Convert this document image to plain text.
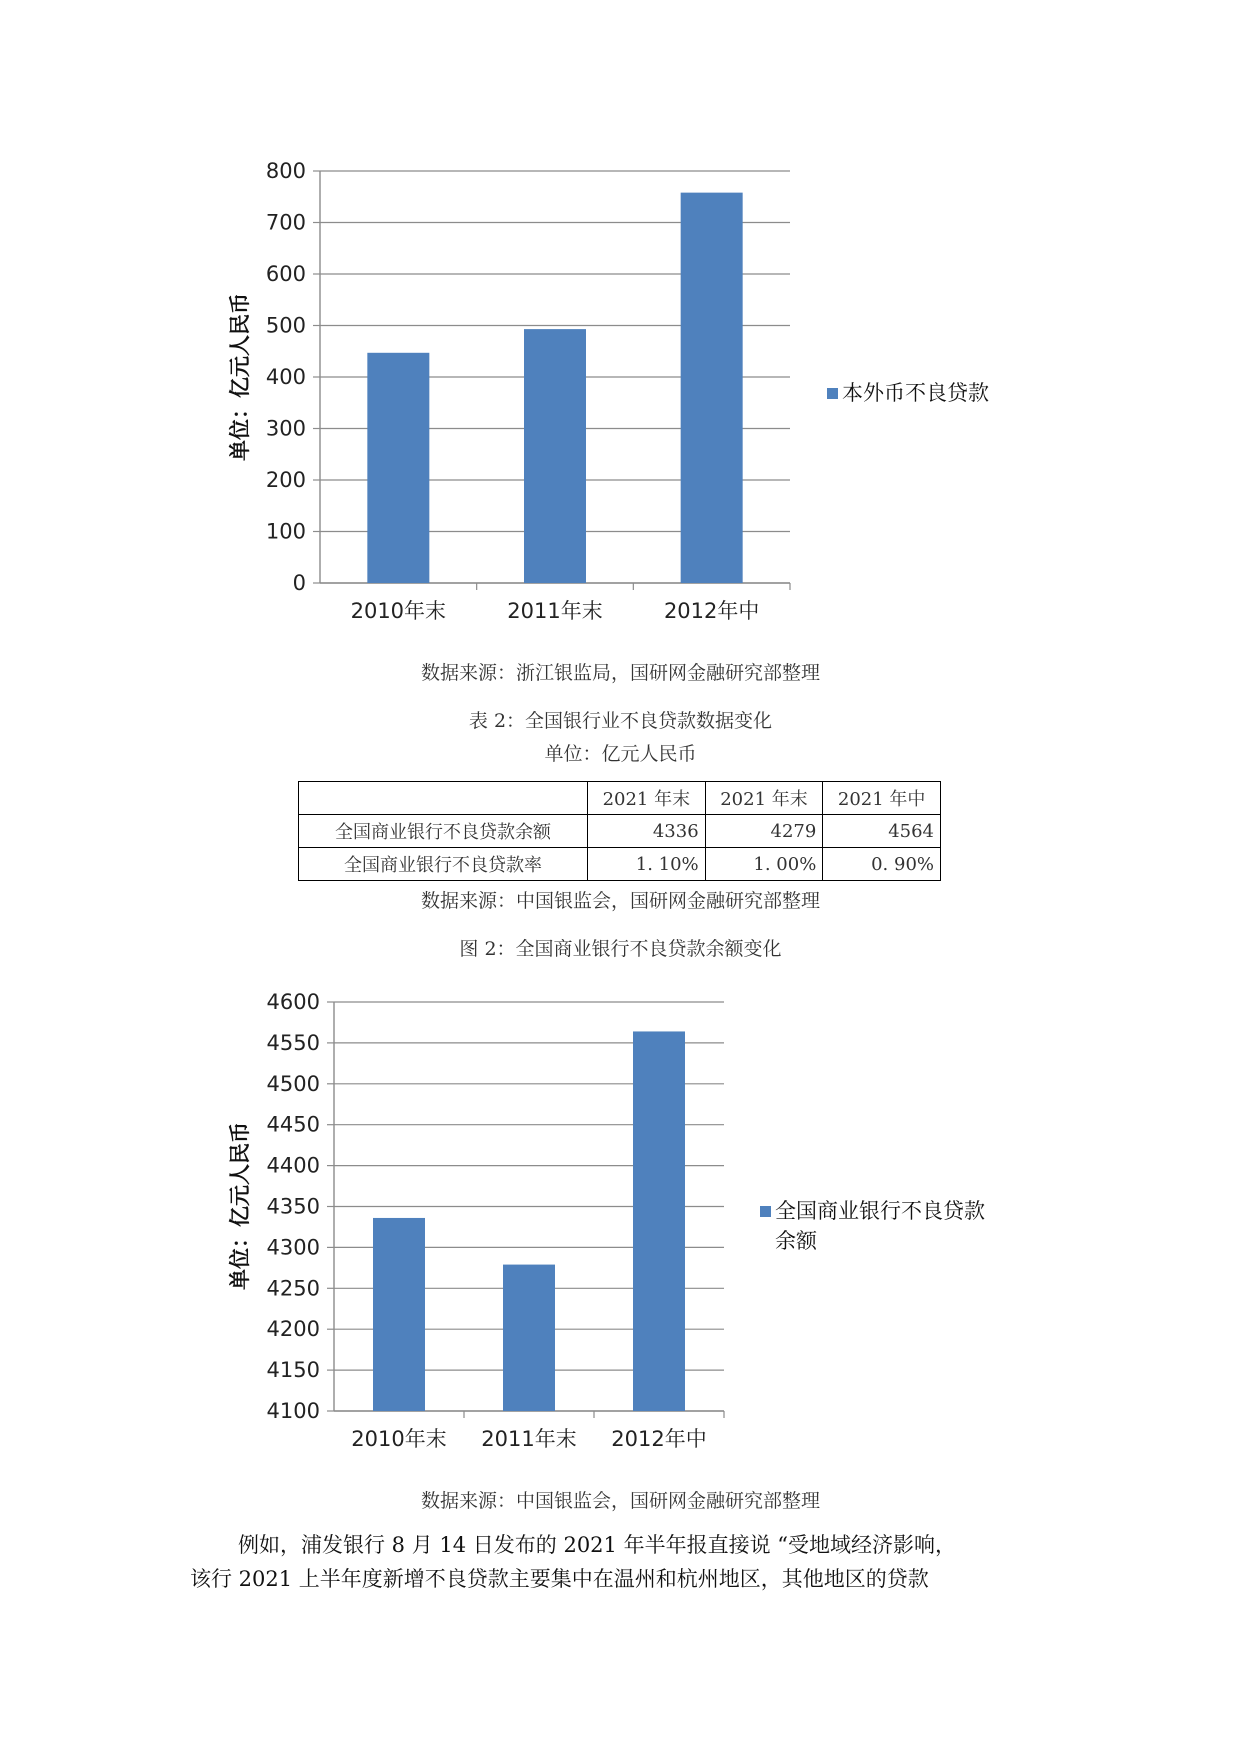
0
100
200
300
400
500
600
700
800
2010年末	2011年末	2012年中
单位：亿元人民币	本外币不良贷款
数据来源：浙江银监局，国研网金融研究部整理
表 2：全国银行业不良贷款数据变化
单位：亿元人民币
	2021 年末	2021 年末	2021 年中
全国商业银行不良贷款余额	4336	4279	4564
全国商业银行不良贷款率	1. 10%	1. 00%	0. 90%
数据来源：中国银监会，国研网金融研究部整理
图 2：全国商业银行不良贷款余额变化
4100
4150
4200
4250
4300
4350
4400
4450
4500
4550
4600
2010年末 2011年末 2012年中
单位：亿元人民币	全国商业银行不良贷款
余额
数据来源：中国银监会，国研网金融研究部整理
例如，浦发银行 8 月 14 日发布的 2021 年半年报直接说 “受地域经济影响，
该行 2021 上半年度新增不良贷款主要集中在温州和杭州地区，其他地区的贷款
